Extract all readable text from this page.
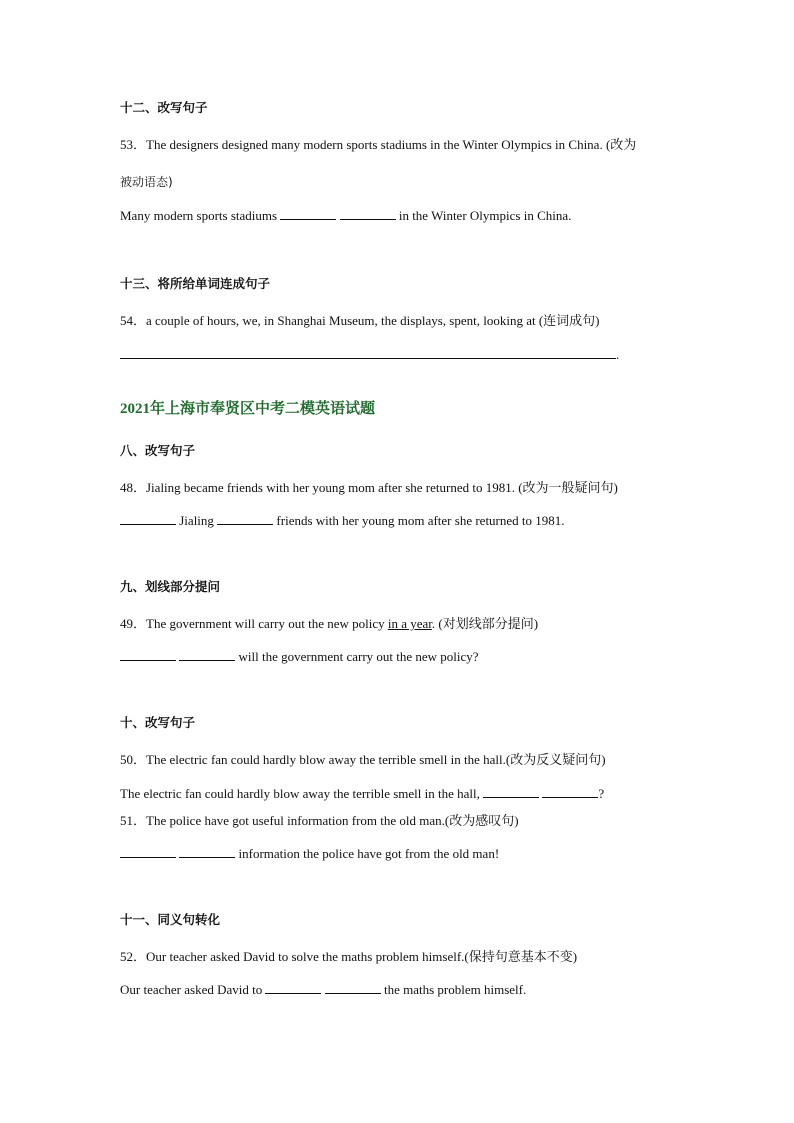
十二、改写句子
53．The designers designed many modern sports stadiums in the Winter Olympics in China. (改为
被动语态)
Many modern sports stadiums	in the Winter Olympics in China.
十三、将所给单词连成句子
54．a couple of hours, we, in Shanghai Museum, the displays, spent, looking at (连词成句)
.
2021年上海市奉贤区中考二模英语试题
八、改写句子
48．Jialing became friends with her young mom after she returned to 1981. (改为一般疑问句)
Jialing	friends with her young mom after she returned to 1981.
九、划线部分提问
49．The government will carry out the new policy in a year. (对划线部分提问)
will the government carry out the new policy?
十、改写句子
50．The electric fan could hardly blow away the terrible smell in the hall.(改为反义疑问句)
The electric fan could hardly blow away the terrible smell in the hall,	?
51．The police have got useful information from the old man.(改为感叹句)
information the police have got from the old man!
十一、同义句转化
52．Our teacher asked David to solve the maths problem himself.(保持句意基本不变)
Our teacher asked David to	the maths problem himself.
